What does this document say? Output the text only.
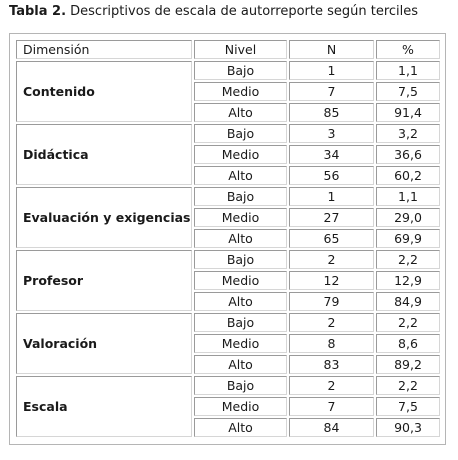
Tabla 2. Descriptivos de escala de autorreporte según terciles
Dimensión	Nivel	N	%
Contenido	Bajo	1	1,1
	Medio	7	7,5
	Alto	85	91,4
Didáctica	Bajo	3	3,2
	Medio	34	36,6
	Alto	56	60,2
Evaluación y exigencias	Bajo	1	1,1
	Medio	27	29,0
	Alto	65	69,9
Profesor	Bajo	2	2,2
	Medio	12	12,9
	Alto	79	84,9
Valoración	Bajo	2	2,2
	Medio	8	8,6
	Alto	83	89,2
Escala	Bajo	2	2,2
	Medio	7	7,5
	Alto	84	90,3
